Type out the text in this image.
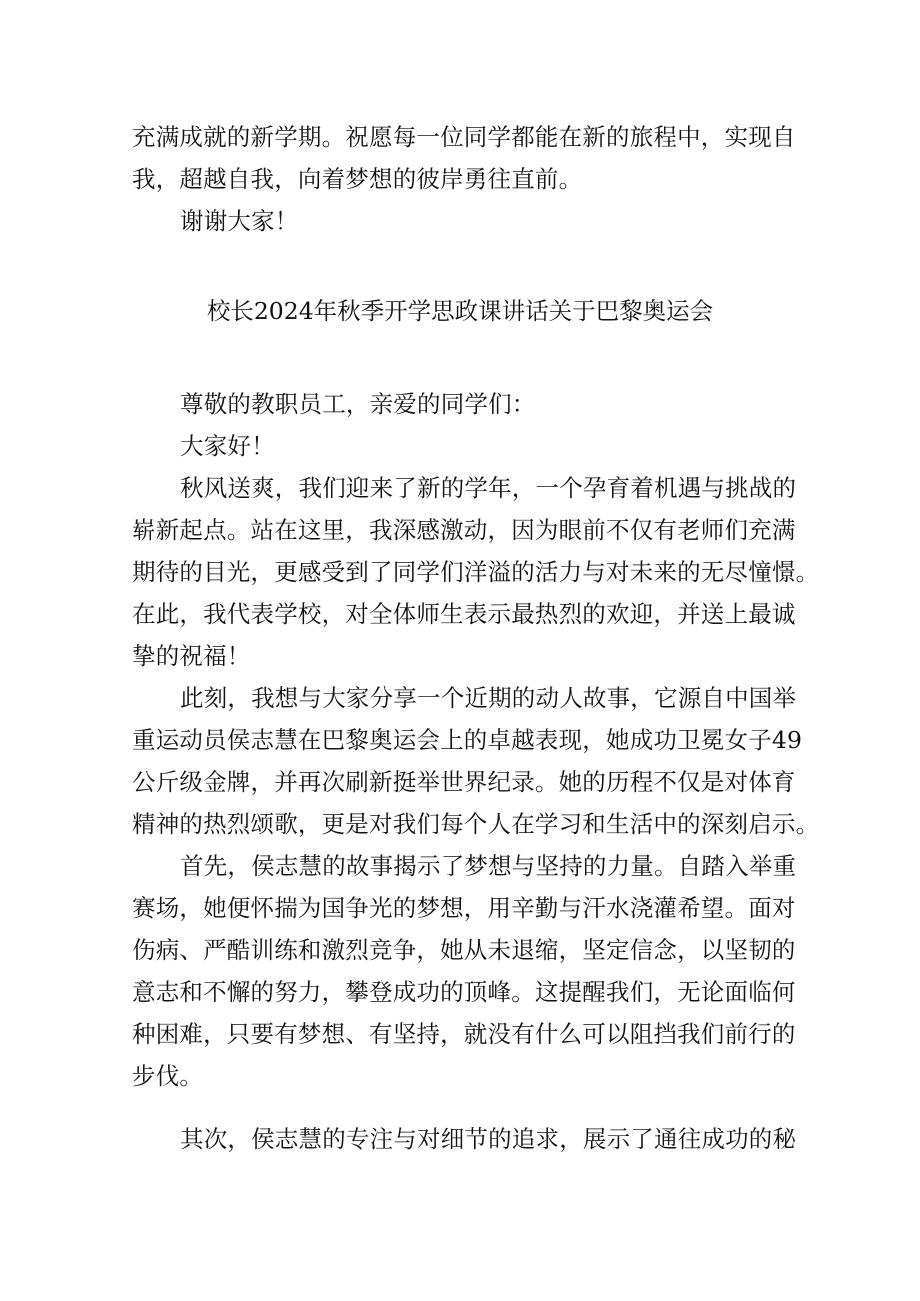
充满成就的新学期。祝愿每一位同学都能在新的旅程中，实现自
我，超越自我，向着梦想的彼岸勇往直前。
谢谢大家！
校长2024年秋季开学思政课讲话关于巴黎奥运会
尊敬的教职员工，亲爱的同学们：
大家好！
秋风送爽，我们迎来了新的学年，一个孕育着机遇与挑战的
崭新起点。站在这里，我深感激动，因为眼前不仅有老师们充满
期待的目光，更感受到了同学们洋溢的活力与对未来的无尽憧憬。
在此，我代表学校，对全体师生表示最热烈的欢迎，并送上最诚
挚的祝福！
此刻，我想与大家分享一个近期的动人故事，它源自中国举
重运动员侯志慧在巴黎奥运会上的卓越表现，她成功卫冕女子49
公斤级金牌，并再次刷新挺举世界纪录。她的历程不仅是对体育
精神的热烈颂歌，更是对我们每个人在学习和生活中的深刻启示。
首先，侯志慧的故事揭示了梦想与坚持的力量。自踏入举重
赛场，她便怀揣为国争光的梦想，用辛勤与汗水浇灌希望。面对
伤病、严酷训练和激烈竞争，她从未退缩，坚定信念，以坚韧的
意志和不懈的努力，攀登成功的顶峰。这提醒我们，无论面临何
种困难，只要有梦想、有坚持，就没有什么可以阻挡我们前行的
步伐。
其次，侯志慧的专注与对细节的追求，展示了通往成功的秘
